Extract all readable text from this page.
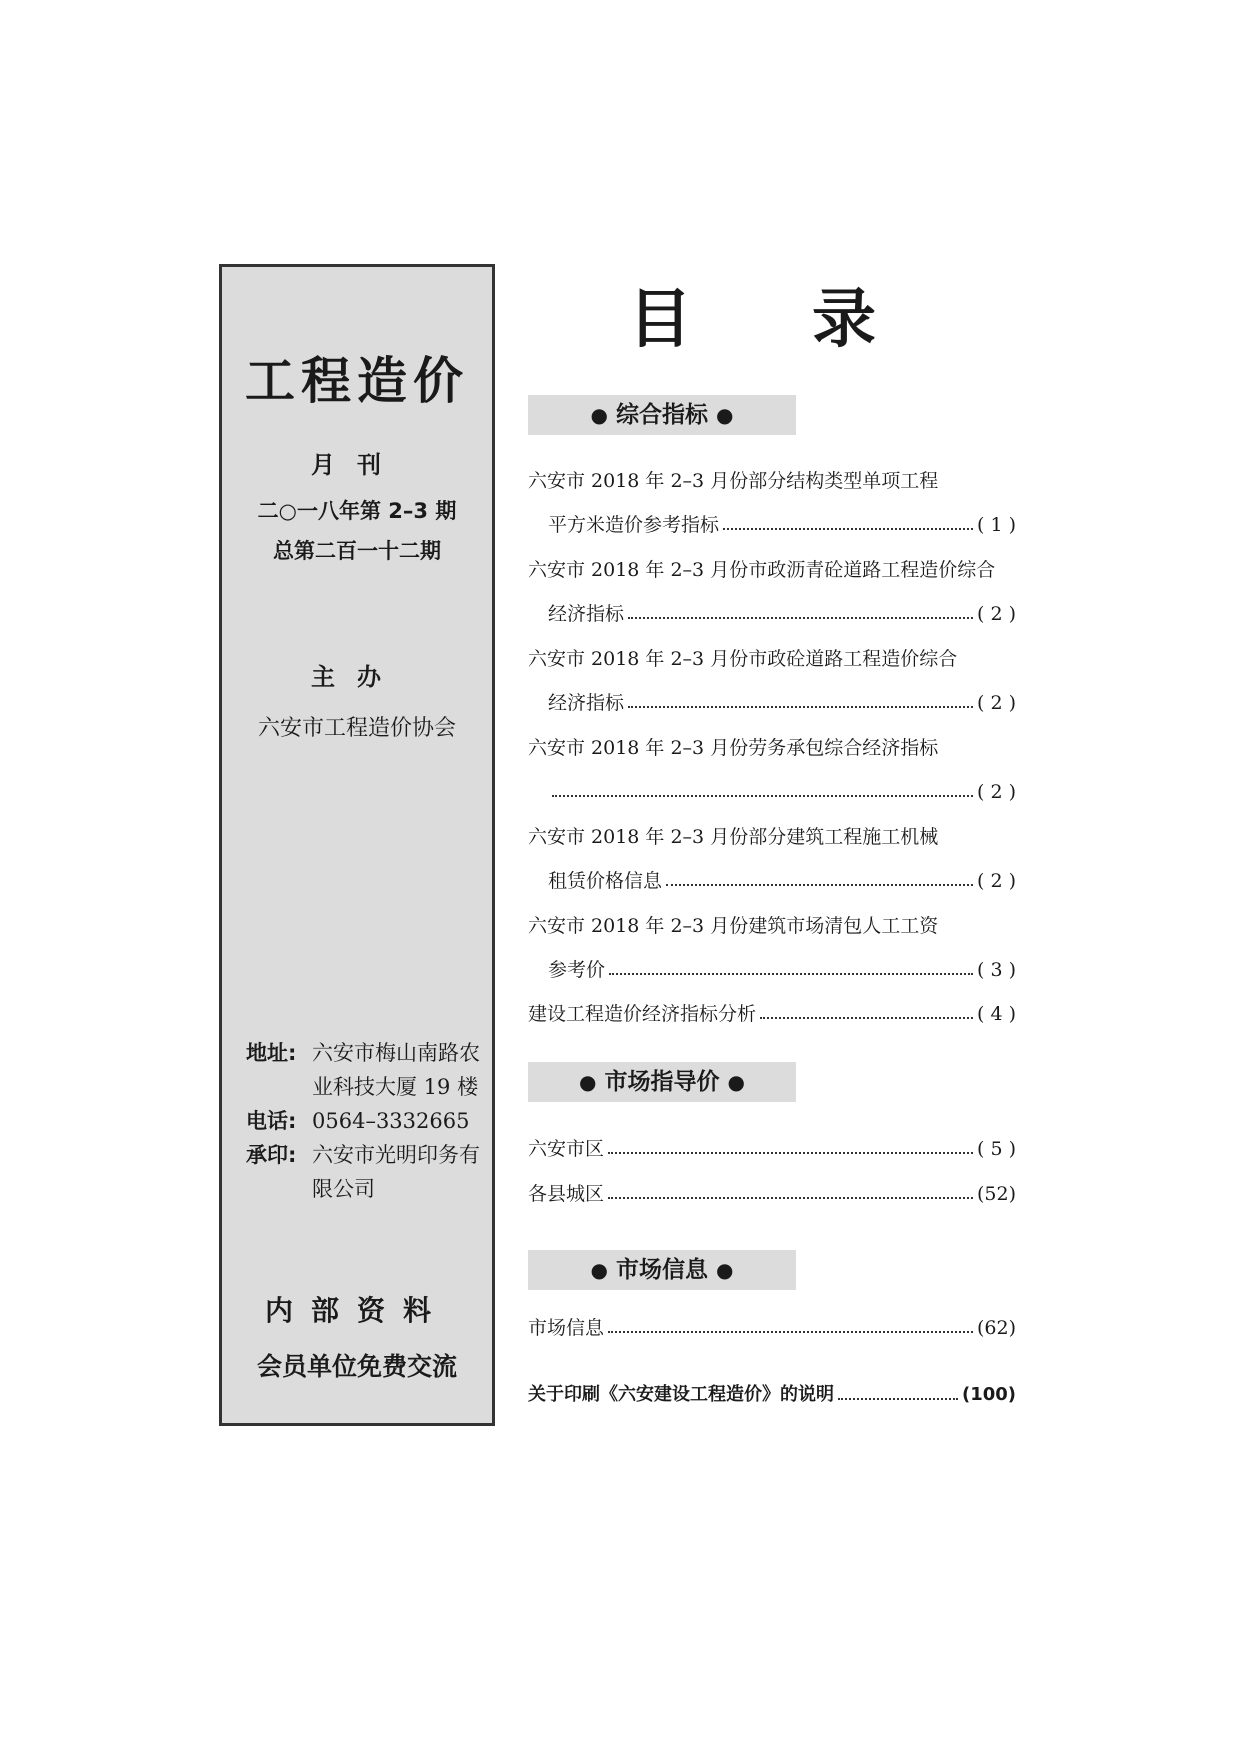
工程造价
月刊
二○一八年第 2–3 期
总第二百一十二期
主办
六安市工程造价协会
地址: 六安市梅山南路农业科技大厦 19 楼
电话: 0564–3332665
承印: 六安市光明印务有限公司
内部资料
会员单位免费交流
目录
● 综合指标 ●
六安市 2018 年 2–3 月份部分结构类型单项工程
平方米造价参考指标	( 1 )
六安市 2018 年 2–3 月份市政沥青砼道路工程造价综合
经济指标	( 2 )
六安市 2018 年 2–3 月份市政砼道路工程造价综合
经济指标	( 2 )
六安市 2018 年 2–3 月份劳务承包综合经济指标
( 2 )
六安市 2018 年 2–3 月份部分建筑工程施工机械
租赁价格信息	( 2 )
六安市 2018 年 2–3 月份建筑市场清包人工工资
参考价	( 3 )
建设工程造价经济指标分析	( 4 )
● 市场指导价 ●
六安市区	( 5 )
各县城区	(52)
● 市场信息 ●
市场信息	(62)
关于印刷《六安建设工程造价》的说明	(100)
